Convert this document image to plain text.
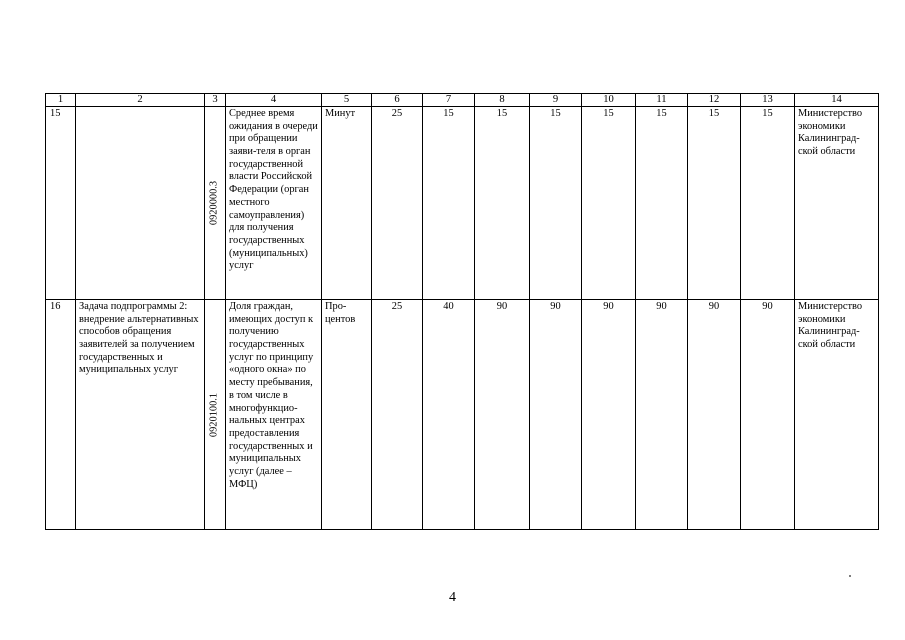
1	2	3	4	5	6	7	8	9	10	11	12	13	14
15		0920000.3	Среднее время ожидания в очереди при обращении заяви-теля в орган государственной власти Российской Федерации (орган местного самоуправления) для получения государственных (муниципальных) услуг	Минут	25	15	15	15	15	15	15	15	Министерство экономики Калининград-ской области
16	Задача подпрограммы 2: внедрение альтернативных способов обращения заявителей за получением государственных и муниципальных услуг	0920100.1	Доля граждан, имеющих доступ к получению государственных услуг по принципу «одного окна» по месту пребывания, в том числе в многофункцио-нальных центрах предоставления государственных и муниципальных услуг (далее – МФЦ)	Про-центов	25	40	90	90	90	90	90	90	Министерство экономики Калининград-ской области
4
